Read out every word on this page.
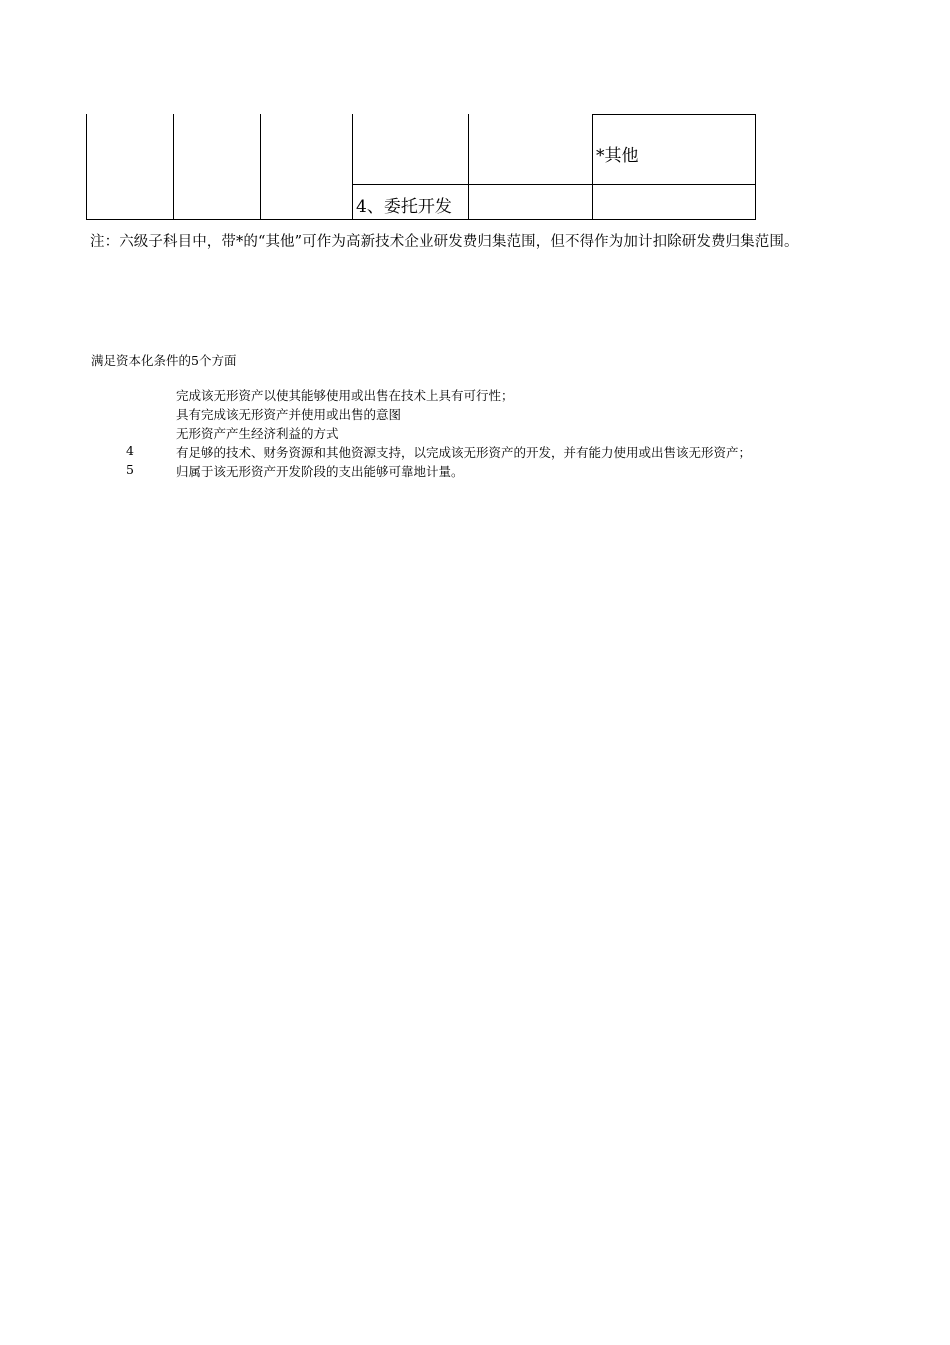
*其他
4、委托开发
注：六级子科目中，带*的“其他”可作为高新技术企业研发费归集范围，但不得作为加计扣除研发费归集范围。
满足资本化条件的5个方面
完成该无形资产以使其能够使用或出售在技术上具有可行性；
具有完成该无形资产并使用或出售的意图
无形资产产生经济利益的方式
4	有足够的技术、财务资源和其他资源支持，以完成该无形资产的开发，并有能力使用或出售该无形资产；
5	归属于该无形资产开发阶段的支出能够可靠地计量。
